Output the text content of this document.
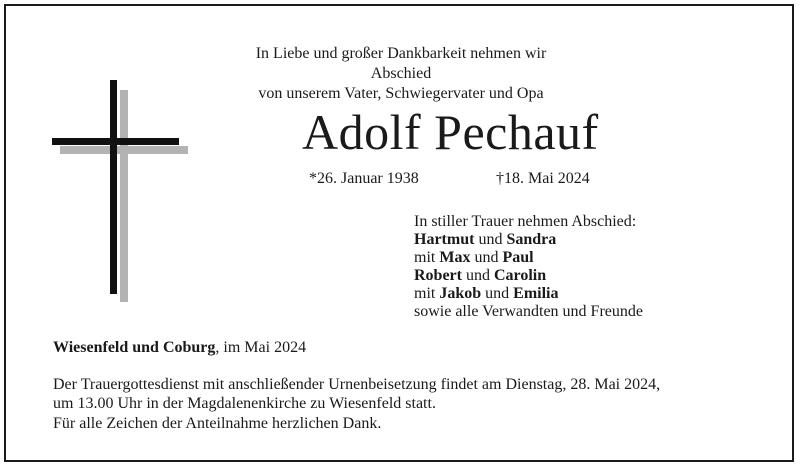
In Liebe und großer Dankbarkeit nehmen wir Abschied
von unserem Vater, Schwiegervater und Opa
Adolf Pechauf
*26. Januar 1938	†18. Mai 2024
In stiller Trauer nehmen Abschied:
Hartmut und Sandra
mit Max und Paul
Robert und Carolin
mit Jakob und Emilia
sowie alle Verwandten und Freunde
Wiesenfeld und Coburg, im Mai 2024
Der Trauergottesdienst mit anschließender Urnenbeisetzung findet am Dienstag, 28. Mai 2024,
um 13.00 Uhr in der Magdalenenkirche zu Wiesenfeld statt.
Für alle Zeichen der Anteilnahme herzlichen Dank.
